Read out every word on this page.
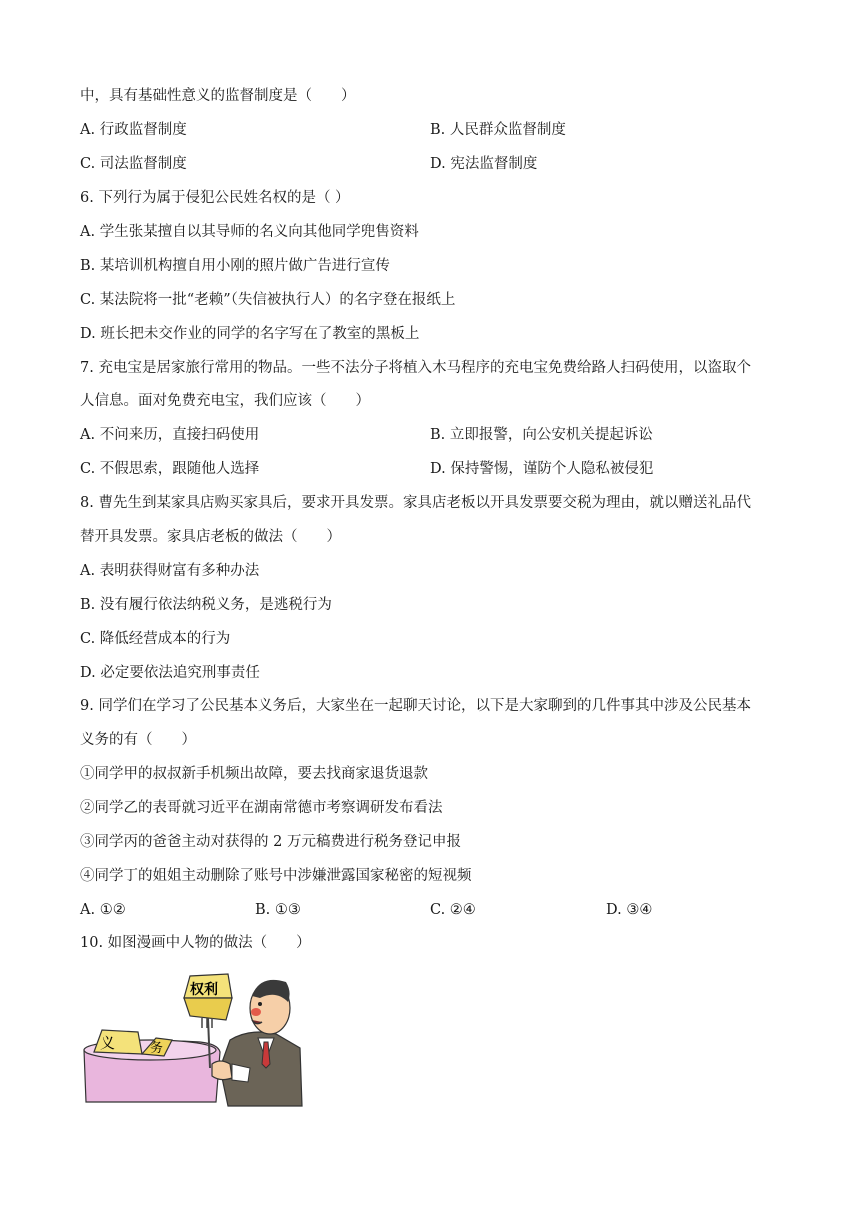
中，具有基础性意义的监督制度是（　　）
A. 行政监督制度	B. 人民群众监督制度
C. 司法监督制度	D. 宪法监督制度
6. 下列行为属于侵犯公民姓名权的是（ ）
A. 学生张某擅自以其导师的名义向其他同学兜售资料
B. 某培训机构擅自用小刚的照片做广告进行宣传
C. 某法院将一批“老赖”（失信被执行人）的名字登在报纸上
D. 班长把未交作业的同学的名字写在了教室的黑板上
7. 充电宝是居家旅行常用的物品。一些不法分子将植入木马程序的充电宝免费给路人扫码使用，以盗取个
人信息。面对免费充电宝，我们应该（　　）
A. 不问来历，直接扫码使用	B. 立即报警，向公安机关提起诉讼
C. 不假思索，跟随他人选择	D. 保持警惕，谨防个人隐私被侵犯
8. 曹先生到某家具店购买家具后，要求开具发票。家具店老板以开具发票要交税为理由，就以赠送礼品代
替开具发票。家具店老板的做法（　　）
A. 表明获得财富有多种办法
B. 没有履行依法纳税义务，是逃税行为
C. 降低经营成本的行为
D. 必定要依法追究刑事责任
9. 同学们在学习了公民基本义务后，大家坐在一起聊天讨论，以下是大家聊到的几件事其中涉及公民基本
义务的有（　　）
①同学甲的叔叔新手机频出故障，要去找商家退货退款
②同学乙的表哥就习近平在湖南常德市考察调研发布看法
③同学丙的爸爸主动对获得的 2 万元稿费进行税务登记申报
④同学丁的姐姐主动删除了账号中涉嫌泄露国家秘密的短视频
A. ①②	B. ①③	C. ②④	D. ③④
10. 如图漫画中人物的做法（　　）
义	务
权利
